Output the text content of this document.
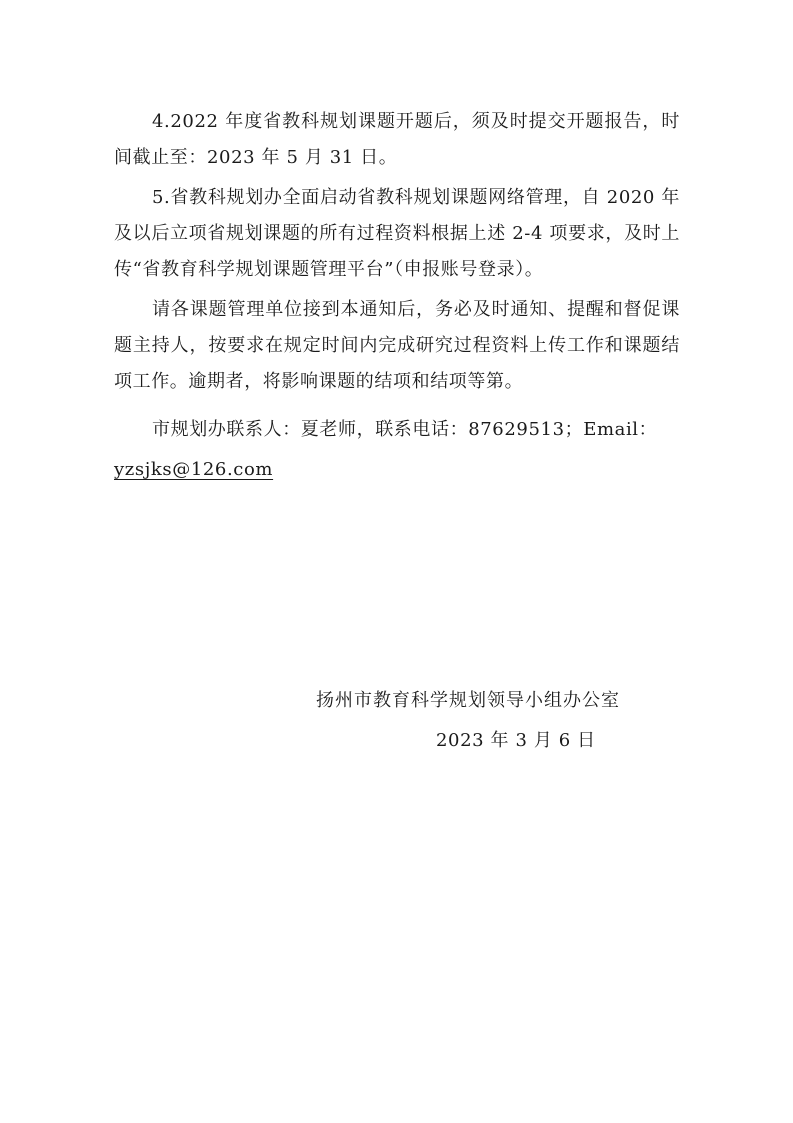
4.2022 年度省教科规划课题开题后，须及时提交开题报告，时间截止至：2023 年 5 月 31 日。

5.省教科规划办全面启动省教科规划课题网络管理，自 2020 年及以后立项省规划课题的所有过程资料根据上述 2-4 项要求，及时上传“省教育科学规划课题管理平台”（申报账号登录）。

请各课题管理单位接到本通知后，务必及时通知、提醒和督促课题主持人，按要求在规定时间内完成研究过程资料上传工作和课题结项工作。逾期者，将影响课题的结项和结项等第。

市规划办联系人：夏老师，联系电话：87629513；Email：

yzsjks@126.com

扬州市教育科学规划领导小组办公室

2023 年 3 月 6 日
